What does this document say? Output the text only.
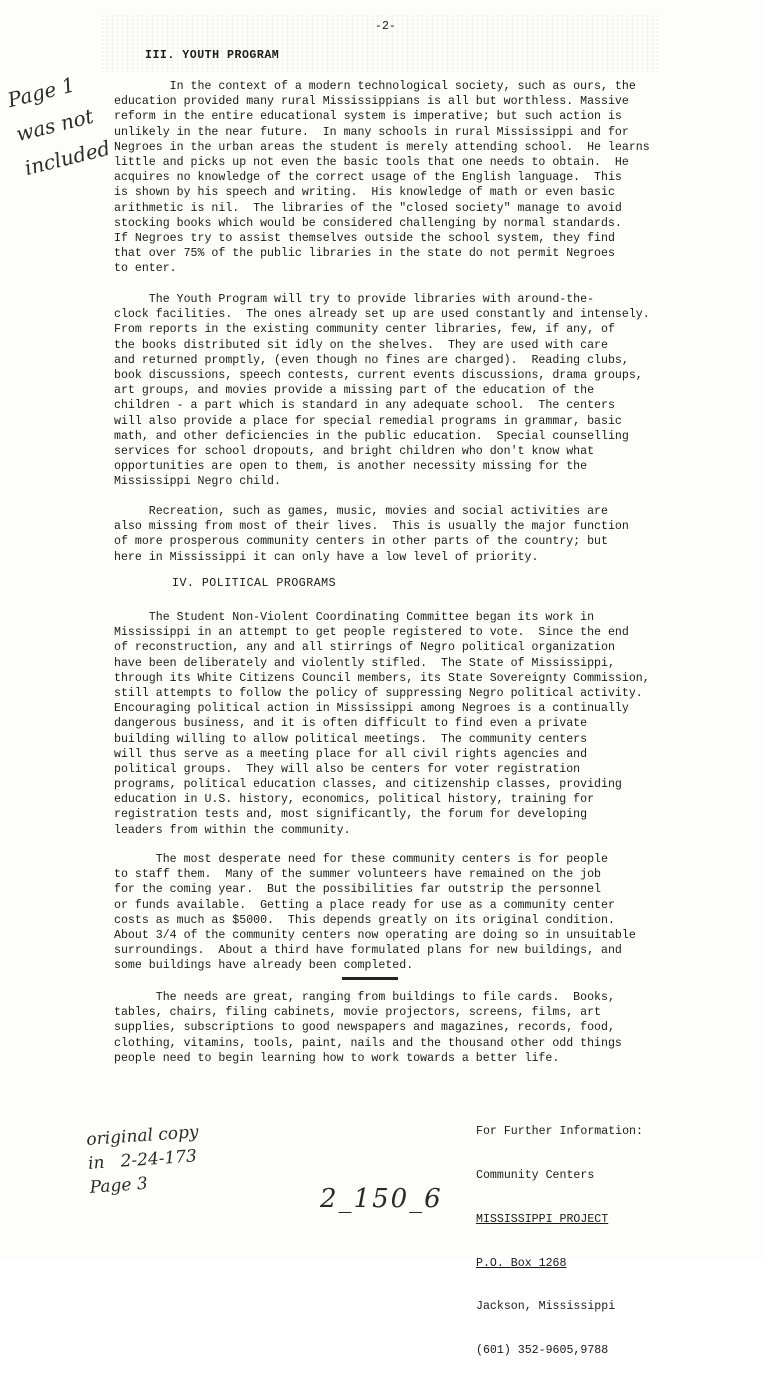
-2-
III. YOUTH PROGRAM
Page 1
was not
included
In the context of a modern technological society, such as ours, the
education provided many rural Mississippians is all but worthless. Massive
reform in the entire educational system is imperative; but such action is
unlikely in the near future.  In many schools in rural Mississippi and for
Negroes in the urban areas the student is merely attending school.  He learns
little and picks up not even the basic tools that one needs to obtain.  He
acquires no knowledge of the correct usage of the English language.  This
is shown by his speech and writing.  His knowledge of math or even basic
arithmetic is nil.  The libraries of the "closed society" manage to avoid
stocking books which would be considered challenging by normal standards.
If Negroes try to assist themselves outside the school system, they find
that over 75% of the public libraries in the state do not permit Negroes
to enter.
The Youth Program will try to provide libraries with around-the-
clock facilities.  The ones already set up are used constantly and intensely.
From reports in the existing community center libraries, few, if any, of
the books distributed sit idly on the shelves.  They are used with care
and returned promptly, (even though no fines are charged).  Reading clubs,
book discussions, speech contests, current events discussions, drama groups,
art groups, and movies provide a missing part of the education of the
children - a part which is standard in any adequate school.  The centers
will also provide a place for special remedial programs in grammar, basic
math, and other deficiencies in the public education.  Special counselling
services for school dropouts, and bright children who don't know what
opportunities are open to them, is another necessity missing for the
Mississippi Negro child.
Recreation, such as games, music, movies and social activities are
also missing from most of their lives.  This is usually the major function
of more prosperous community centers in other parts of the country; but
here in Mississippi it can only have a low level of priority.
IV. POLITICAL PROGRAMS
The Student Non-Violent Coordinating Committee began its work in
Mississippi in an attempt to get people registered to vote.  Since the end
of reconstruction, any and all stirrings of Negro political organization
have been deliberately and violently stifled.  The State of Mississippi,
through its White Citizens Council members, its State Sovereignty Commission,
still attempts to follow the policy of suppressing Negro political activity.
Encouraging political action in Mississippi among Negroes is a continually
dangerous business, and it is often difficult to find even a private
building willing to allow political meetings.  The community centers
will thus serve as a meeting place for all civil rights agencies and
political groups.  They will also be centers for voter registration
programs, political education classes, and citizenship classes, providing
education in U.S. history, economics, political history, training for
registration tests and, most significantly, the forum for developing
leaders from within the community.
The most desperate need for these community centers is for people
to staff them.  Many of the summer volunteers have remained on the job
for the coming year.  But the possibilities far outstrip the personnel
or funds available.  Getting a place ready for use as a community center
costs as much as $5000.  This depends greatly on its original condition.
About 3/4 of the community centers now operating are doing so in unsuitable
surroundings.  About a third have formulated plans for new buildings, and
some buildings have already been completed.
The needs are great, ranging from buildings to file cards.  Books,
tables, chairs, filing cabinets, movie projectors, screens, films, art
supplies, subscriptions to good newspapers and magazines, records, food,
clothing, vitamins, tools, paint, nails and the thousand other odd things
people need to begin learning how to work towards a better life.

For Further Information:

Community Centers

MISSISSIPPI PROJECT

P.O. Box 1268

Jackson, Mississippi

(601) 352-9605,9788

original copy
in   2-24-173
Page 3	2_150_6
